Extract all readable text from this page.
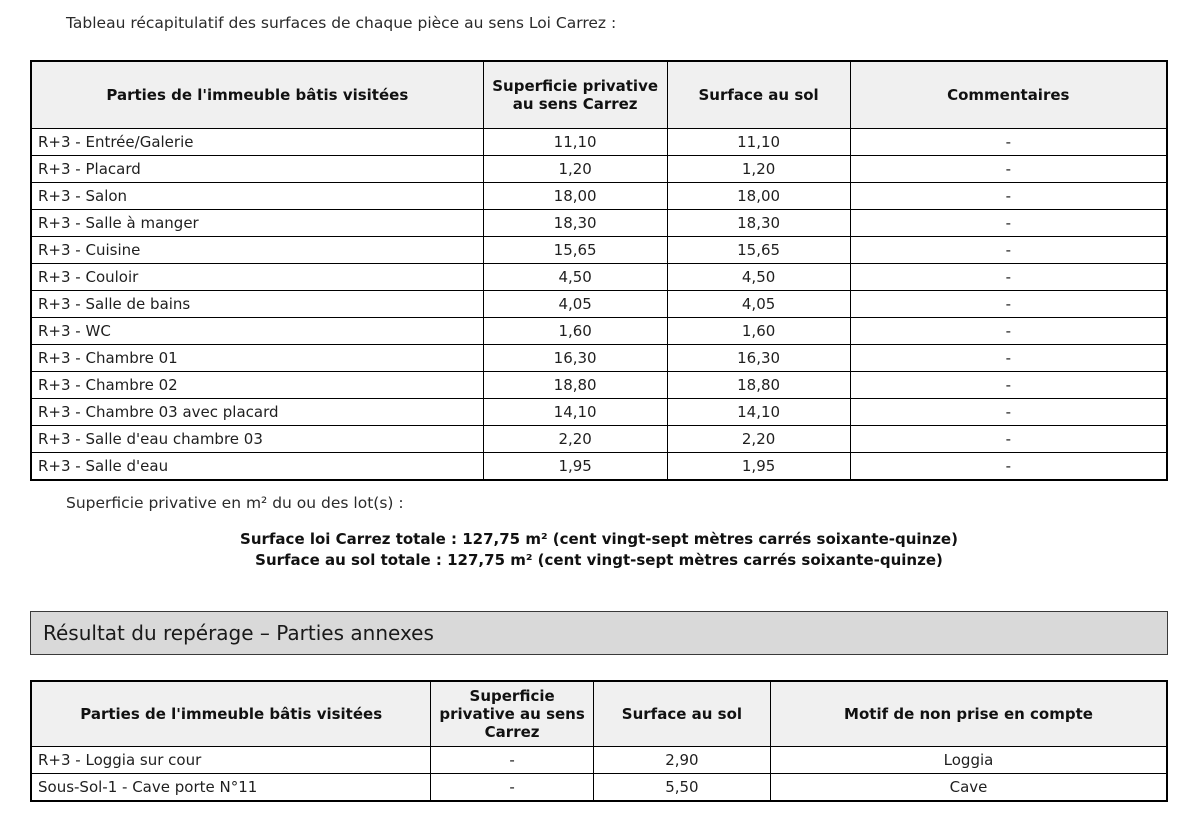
Tableau récapitulatif des surfaces de chaque pièce au sens Loi Carrez :

Parties de l'immeuble bâtis visitées	Superficie privative au sens Carrez	Surface au sol	Commentaires
R+3 - Entrée/Galerie	11,10	11,10	-
R+3 - Placard	1,20	1,20	-
R+3 - Salon	18,00	18,00	-
R+3 - Salle à manger	18,30	18,30	-
R+3 - Cuisine	15,65	15,65	-
R+3 - Couloir	4,50	4,50	-
R+3 - Salle de bains	4,05	4,05	-
R+3 - WC	1,60	1,60	-
R+3 - Chambre 01	16,30	16,30	-
R+3 - Chambre 02	18,80	18,80	-
R+3 - Chambre 03 avec placard	14,10	14,10	-
R+3 - Salle d'eau chambre 03	2,20	2,20	-
R+3 - Salle d'eau	1,95	1,95	-

Superficie privative en m² du ou des lot(s) :

Surface loi Carrez totale : 127,75 m² (cent vingt-sept mètres carrés soixante-quinze)
Surface au sol totale : 127,75 m² (cent vingt-sept mètres carrés soixante-quinze)
Résultat du repérage – Parties annexes
Parties de l'immeuble bâtis visitées	Superficie privative au sens Carrez	Surface au sol	Motif de non prise en compte
R+3 - Loggia sur cour	-	2,90	Loggia
Sous-Sol-1 - Cave porte N°11	-	5,50	Cave
